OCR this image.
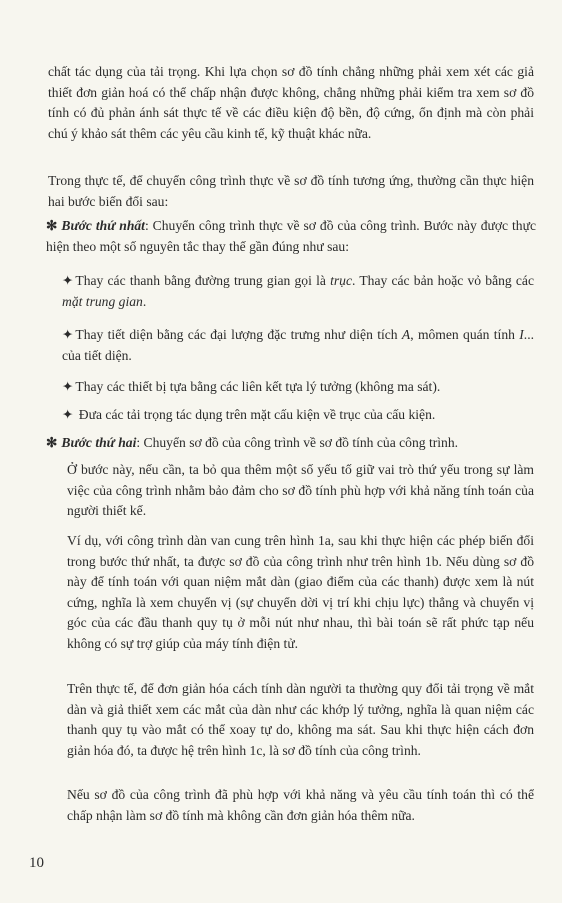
chất tác dụng của tải trọng. Khi lựa chọn sơ đồ tính chẳng những phải xem xét các giả thiết đơn giản hoá có thể chấp nhận được không, chẳng những phải kiểm tra xem sơ đồ tính có đủ phản ánh sát thực tế về các điều kiện độ bền, độ cứng, ổn định mà còn phải chú ý khảo sát thêm các yêu cầu kinh tế, kỹ thuật khác nữa.

Trong thực tế, để chuyển công trình thực về sơ đồ tính tương ứng, thường cần thực hiện hai bước biến đổi sau:

✻ Bước thứ nhất: Chuyển công trình thực về sơ đồ của công trình. Bước này được thực hiện theo một số nguyên tắc thay thế gần đúng như sau:

✦ Thay các thanh bằng đường trung gian gọi là trục. Thay các bản hoặc vỏ bằng các mặt trung gian.

✦ Thay tiết diện bằng các đại lượng đặc trưng như diện tích A, mômen quán tính I... của tiết diện.

✦ Thay các thiết bị tựa bằng các liên kết tựa lý tưởng (không ma sát).

✦ Đưa các tải trọng tác dụng trên mặt cấu kiện về trục của cấu kiện.

✻ Bước thứ hai: Chuyển sơ đồ của công trình về sơ đồ tính của công trình.

Ở bước này, nếu cần, ta bỏ qua thêm một số yếu tố giữ vai trò thứ yếu trong sự làm việc của công trình nhằm bảo đảm cho sơ đồ tính phù hợp với khả năng tính toán của người thiết kế.

Ví dụ, với công trình dàn van cung trên hình 1a, sau khi thực hiện các phép biến đổi trong bước thứ nhất, ta được sơ đồ của công trình như trên hình 1b. Nếu dùng sơ đồ này để tính toán với quan niệm mắt dàn (giao điểm của các thanh) được xem là nút cứng, nghĩa là xem chuyển vị (sự chuyển dời vị trí khi chịu lực) thẳng và chuyển vị góc của các đầu thanh quy tụ ở mỗi nút như nhau, thì bài toán sẽ rất phức tạp nếu không có sự trợ giúp của máy tính điện tử.

Trên thực tế, để đơn giản hóa cách tính dàn người ta thường quy đổi tải trọng về mắt dàn và giả thiết xem các mắt của dàn như các khớp lý tưởng, nghĩa là quan niệm các thanh quy tụ vào mắt có thể xoay tự do, không ma sát. Sau khi thực hiện cách đơn giản hóa đó, ta được hệ trên hình 1c, là sơ đồ tính của công trình.

Nếu sơ đồ của công trình đã phù hợp với khả năng và yêu cầu tính toán thì có thể chấp nhận làm sơ đồ tính mà không cần đơn giản hóa thêm nữa.

10
